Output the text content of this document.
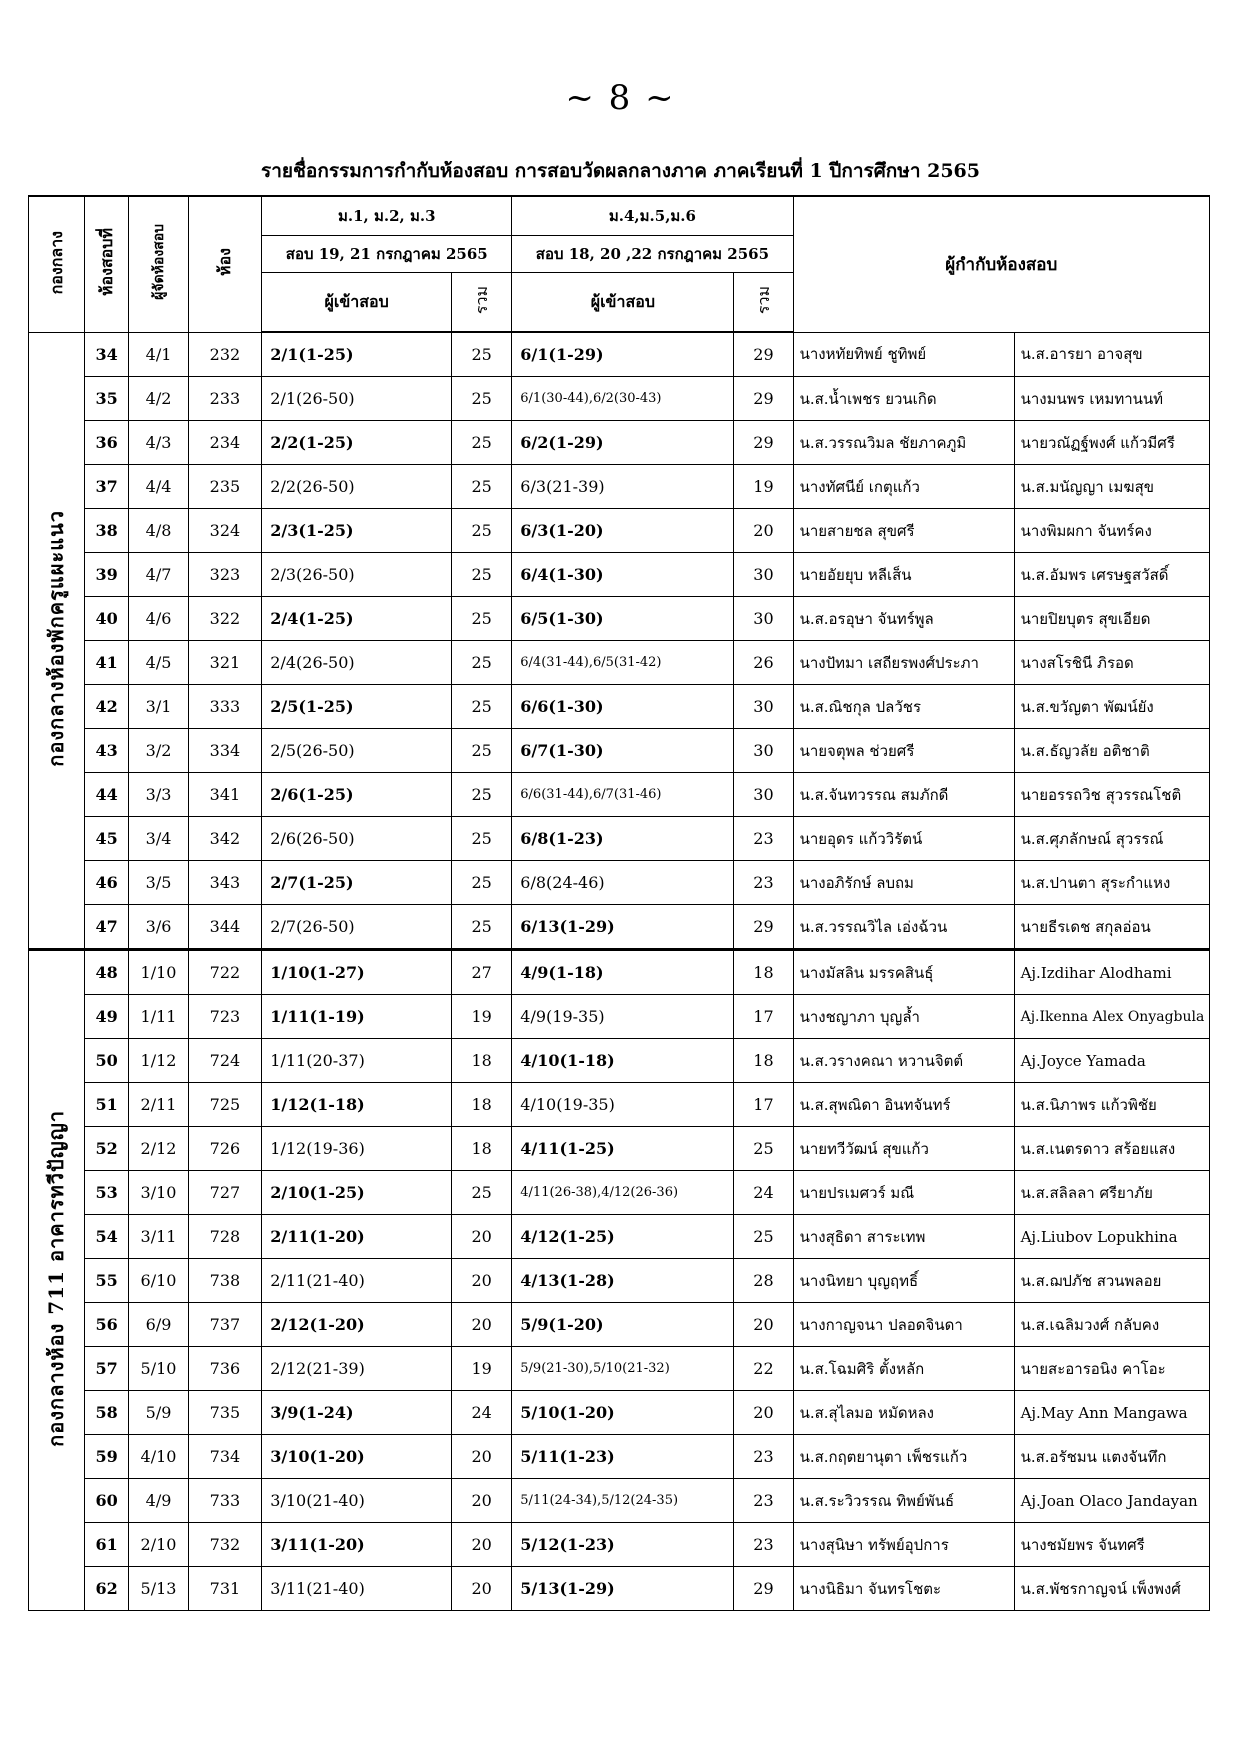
~ 8 ~
รายชื่อกรรมการกำกับห้องสอบ การสอบวัดผลกลางภาค ภาคเรียนที่ 1 ปีการศึกษา 2565
กองกลาง	ห้องสอบที่	ผู้จัดห้องสอบ	ห้อง	ม.1, ม.2, ม.3		ม.4,ม.5,ม.6		ผู้กำกับห้องสอบ	
				สอบ 19, 21 กรกฎาคม 2565		สอบ 18, 20 ,22 กรกฎาคม 2565			
				ผู้เข้าสอบ	รวม	ผู้เข้าสอบ	รวม		
กองกลางห้องพักครูแผะแนว	34	4/1	232	2/1(1-25)	25	6/1(1-29)	29	นางหทัยทิพย์ ชูทิพย์	น.ส.อารยา อาจสุข
	35	4/2	233	2/1(26-50)	25	6/1(30-44),6/2(30-43)	29	น.ส.น้ำเพชร ยวนเกิด	นางมนพร เหมทานนท์
	36	4/3	234	2/2(1-25)	25	6/2(1-29)	29	น.ส.วรรณวิมล ชัยภาคภูมิ	นายวณัฏฐ์พงศ์ แก้วมีศรี
	37	4/4	235	2/2(26-50)	25	6/3(21-39)	19	นางทัศนีย์ เกตุแก้ว	น.ส.มนัญญา เมฆสุข
	38	4/8	324	2/3(1-25)	25	6/3(1-20)	20	นายสายชล สุขศรี	นางพิมผกา จันทร์คง
	39	4/7	323	2/3(26-50)	25	6/4(1-30)	30	นายอัยยุบ หลีเส็น	น.ส.อัมพร เศรษฐสวัสดิ์
	40	4/6	322	2/4(1-25)	25	6/5(1-30)	30	น.ส.อรอุษา จันทร์พูล	นายปิยบุตร สุขเอียด
	41	4/5	321	2/4(26-50)	25	6/4(31-44),6/5(31-42)	26	นางปัทมา เสถียรพงศ์ประภา	นางสโรชินี ภิรอด
	42	3/1	333	2/5(1-25)	25	6/6(1-30)	30	น.ส.ณิชกุล ปลวัชร	น.ส.ขวัญตา พัฒน์ยัง
	43	3/2	334	2/5(26-50)	25	6/7(1-30)	30	นายจตุพล ช่วยศรี	น.ส.ธัญวลัย อติชาติ
	44	3/3	341	2/6(1-25)	25	6/6(31-44),6/7(31-46)	30	น.ส.จันทวรรณ สมภักดี	นายอรรถวิช สุวรรณโชติ
	45	3/4	342	2/6(26-50)	25	6/8(1-23)	23	นายอุดร แก้ววิรัตน์	น.ส.ศุภลักษณ์ สุวรรณ์
	46	3/5	343	2/7(1-25)	25	6/8(24-46)	23	นางอภิรักษ์ ลบถม	น.ส.ปานตา สุระกำแหง
	47	3/6	344	2/7(26-50)	25	6/13(1-29)	29	น.ส.วรรณวิไล เอ่งฉ้วน	นายธีรเดช สกุลอ่อน
กองกลางห้อง 711 อาคารทวีปัญญา	48	1/10	722	1/10(1-27)	27	4/9(1-18)	18	นางมัสลิน มรรคสินธุ์	Aj.Izdihar Alodhami
	49	1/11	723	1/11(1-19)	19	4/9(19-35)	17	นางชญาภา บุญล้ำ	Aj.Ikenna Alex Onyagbula
	50	1/12	724	1/11(20-37)	18	4/10(1-18)	18	น.ส.วรางคณา หวานจิตต์	Aj.Joyce Yamada
	51	2/11	725	1/12(1-18)	18	4/10(19-35)	17	น.ส.สุพณิดา อินทจันทร์	น.ส.นิภาพร แก้วพิชัย
	52	2/12	726	1/12(19-36)	18	4/11(1-25)	25	นายทวีวัฒน์ สุขแก้ว	น.ส.เนตรดาว สร้อยแสง
	53	3/10	727	2/10(1-25)	25	4/11(26-38),4/12(26-36)	24	นายปรเมศวร์ มณี	น.ส.สลิลลา ศรียาภัย
	54	3/11	728	2/11(1-20)	20	4/12(1-25)	25	นางสุธิดา สาระเทพ	Aj.Liubov Lopukhina
	55	6/10	738	2/11(21-40)	20	4/13(1-28)	28	นางนิทยา บุญฤทธิ์	น.ส.ฌปภัช สวนพลอย
	56	6/9	737	2/12(1-20)	20	5/9(1-20)	20	นางกาญจนา ปลอดจินดา	น.ส.เฉลิมวงศ์ กลับคง
	57	5/10	736	2/12(21-39)	19	5/9(21-30),5/10(21-32)	22	น.ส.โฉมศิริ ตั้งหลัก	นายสะอารอนิง คาโอะ
	58	5/9	735	3/9(1-24)	24	5/10(1-20)	20	น.ส.สุไลมอ หมัดหลง	Aj.May Ann Mangawa
	59	4/10	734	3/10(1-20)	20	5/11(1-23)	23	น.ส.กฤตยานุตา เพ็ชรแก้ว	น.ส.อรัชมน แตงจันทึก
	60	4/9	733	3/10(21-40)	20	5/11(24-34),5/12(24-35)	23	น.ส.ระวิวรรณ ทิพย์พันธ์	Aj.Joan Olaco Jandayan
	61	2/10	732	3/11(1-20)	20	5/12(1-23)	23	นางสุนิษา ทรัพย์อุปการ	นางชมัยพร จันทศรี
	62	5/13	731	3/11(21-40)	20	5/13(1-29)	29	นางนิธิมา จันทรโชตะ	น.ส.พัชรกาญจน์ เพ็งพงศ์
